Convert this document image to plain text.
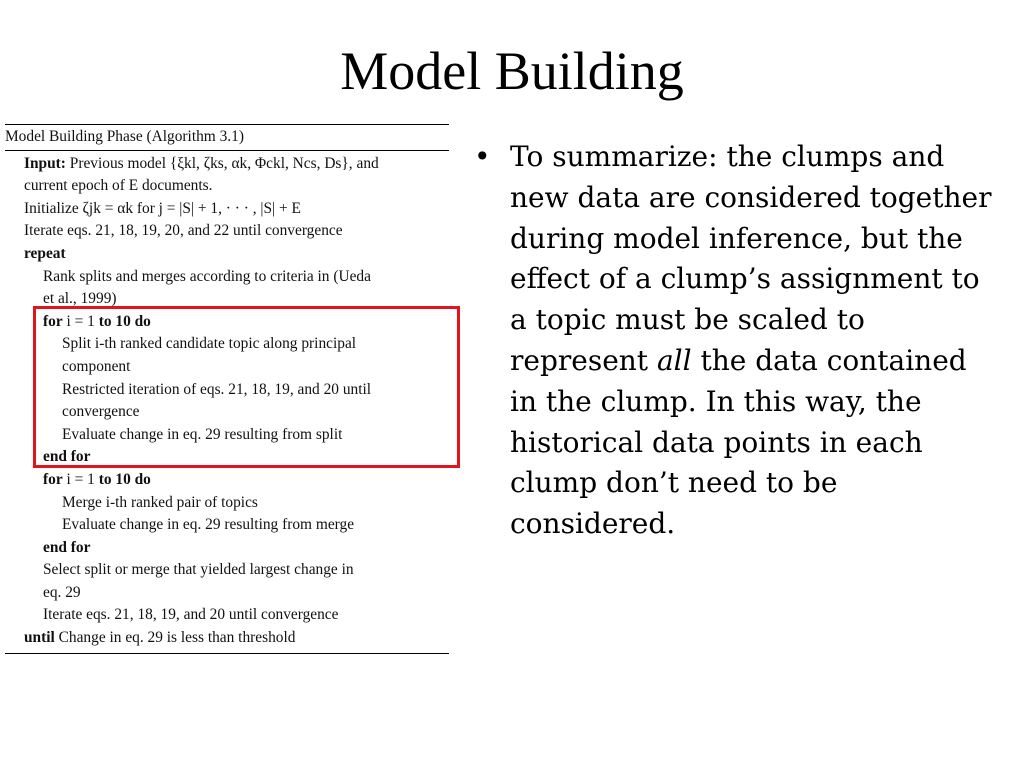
Model Building
Model Building Phase (Algorithm 3.1)
Input: Previous model {ξkl, ζks, αk, Φckl, Ncs, Ds}, and
current epoch of E documents.
Initialize ζjk = αk for j = |S| + 1, · · · , |S| + E
Iterate eqs. 21, 18, 19, 20, and 22 until convergence
repeat
Rank splits and merges according to criteria in (Ueda
et al., 1999)
for i = 1 to 10 do
Split i-th ranked candidate topic along principal
component
Restricted iteration of eqs. 21, 18, 19, and 20 until
convergence
Evaluate change in eq. 29 resulting from split
end for
for i = 1 to 10 do
Merge i-th ranked pair of topics
Evaluate change in eq. 29 resulting from merge
end for
Select split or merge that yielded largest change in
eq. 29
Iterate eqs. 21, 18, 19, and 20 until convergence
until Change in eq. 29 is less than threshold
• To summarize: the clumps and new data are considered together during model inference, but the effect of a clump’s assignment to a topic must be scaled to represent all the data contained in the clump. In this way, the historical data points in each clump don’t need to be considered.
